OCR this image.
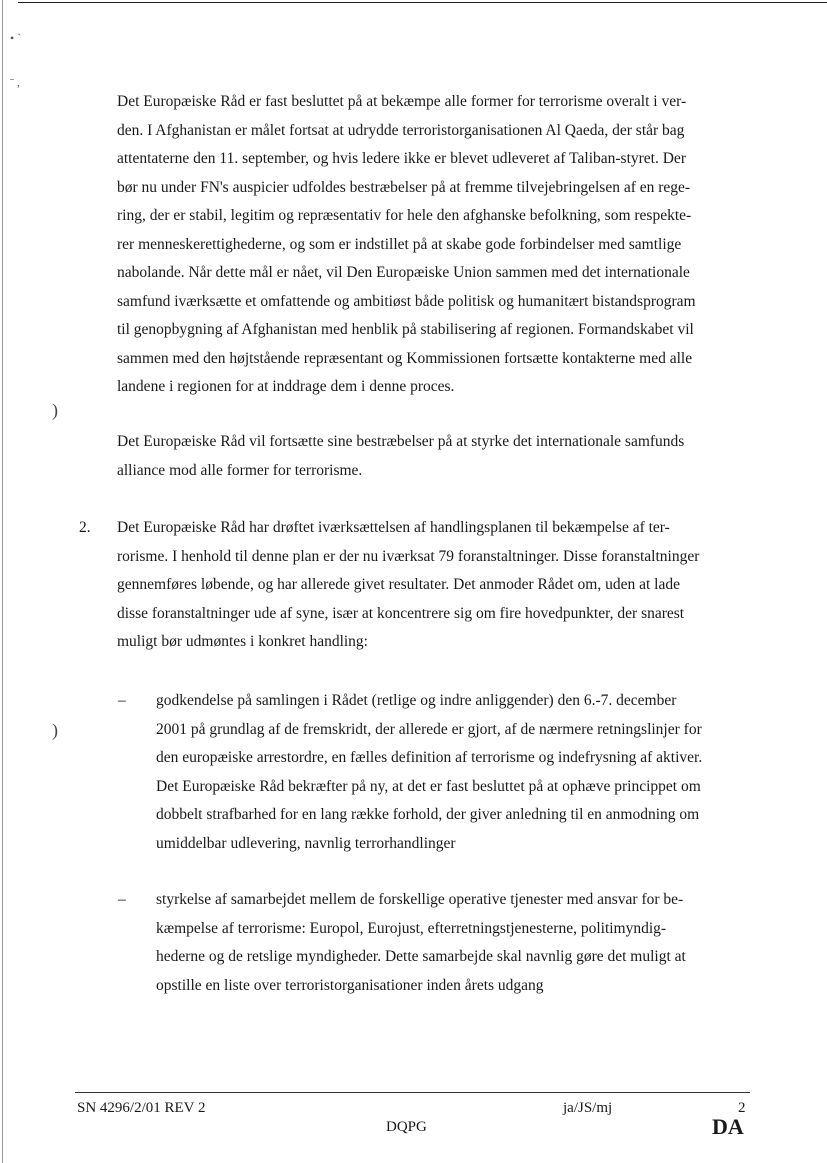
• ˋ
ˉ ,
)
)
Det Europæiske Råd er fast besluttet på at bekæmpe alle former for terrorisme overalt i ver-
den. I Afghanistan er målet fortsat at udrydde terroristorganisationen Al Qaeda, der står bag
attentaterne den 11. september, og hvis ledere ikke er blevet udleveret af Taliban-styret. Der
bør nu under FN's auspicier udfoldes bestræbelser på at fremme tilvejebringelsen af en rege-
ring, der er stabil, legitim og repræsentativ for hele den afghanske befolkning, som respekte-
rer menneskerettighederne, og som er indstillet på at skabe gode forbindelser med samtlige
nabolande. Når dette mål er nået, vil Den Europæiske Union sammen med det internationale
samfund iværksætte et omfattende og ambitiøst både politisk og humanitært bistandsprogram
til genopbygning af Afghanistan med henblik på stabilisering af regionen. Formandskabet vil
sammen med den højtstående repræsentant og Kommissionen fortsætte kontakterne med alle
landene i regionen for at inddrage dem i denne proces.
Det Europæiske Råd vil fortsætte sine bestræbelser på at styrke det internationale samfunds
alliance mod alle former for terrorisme.
2. Det Europæiske Råd har drøftet iværksættelsen af handlingsplanen til bekæmpelse af ter-
rorisme. I henhold til denne plan er der nu iværksat 79 foranstaltninger. Disse foranstaltninger
gennemføres løbende, og har allerede givet resultater. Det anmoder Rådet om, uden at lade
disse foranstaltninger ude af syne, især at koncentrere sig om fire hovedpunkter, der snarest
muligt bør udmøntes i konkret handling:
– godkendelse på samlingen i Rådet (retlige og indre anliggender) den 6.-7. december
2001 på grundlag af de fremskridt, der allerede er gjort, af de nærmere retningslinjer for
den europæiske arrestordre, en fælles definition af terrorisme og indefrysning af aktiver.
Det Europæiske Råd bekræfter på ny, at det er fast besluttet på at ophæve princippet om
dobbelt strafbarhed for en lang række forhold, der giver anledning til en anmodning om
umiddelbar udlevering, navnlig terrorhandlinger
– styrkelse af samarbejdet mellem de forskellige operative tjenester med ansvar for be-
kæmpelse af terrorisme: Europol, Eurojust, efterretningstjenesterne, politimyndig-
hederne og de retslige myndigheder. Dette samarbejde skal navnlig gøre det muligt at
opstille en liste over terroristorganisationer inden årets udgang
SN 4296/2/01 REV 2	ja/JS/mj	2
DQPG	DA
